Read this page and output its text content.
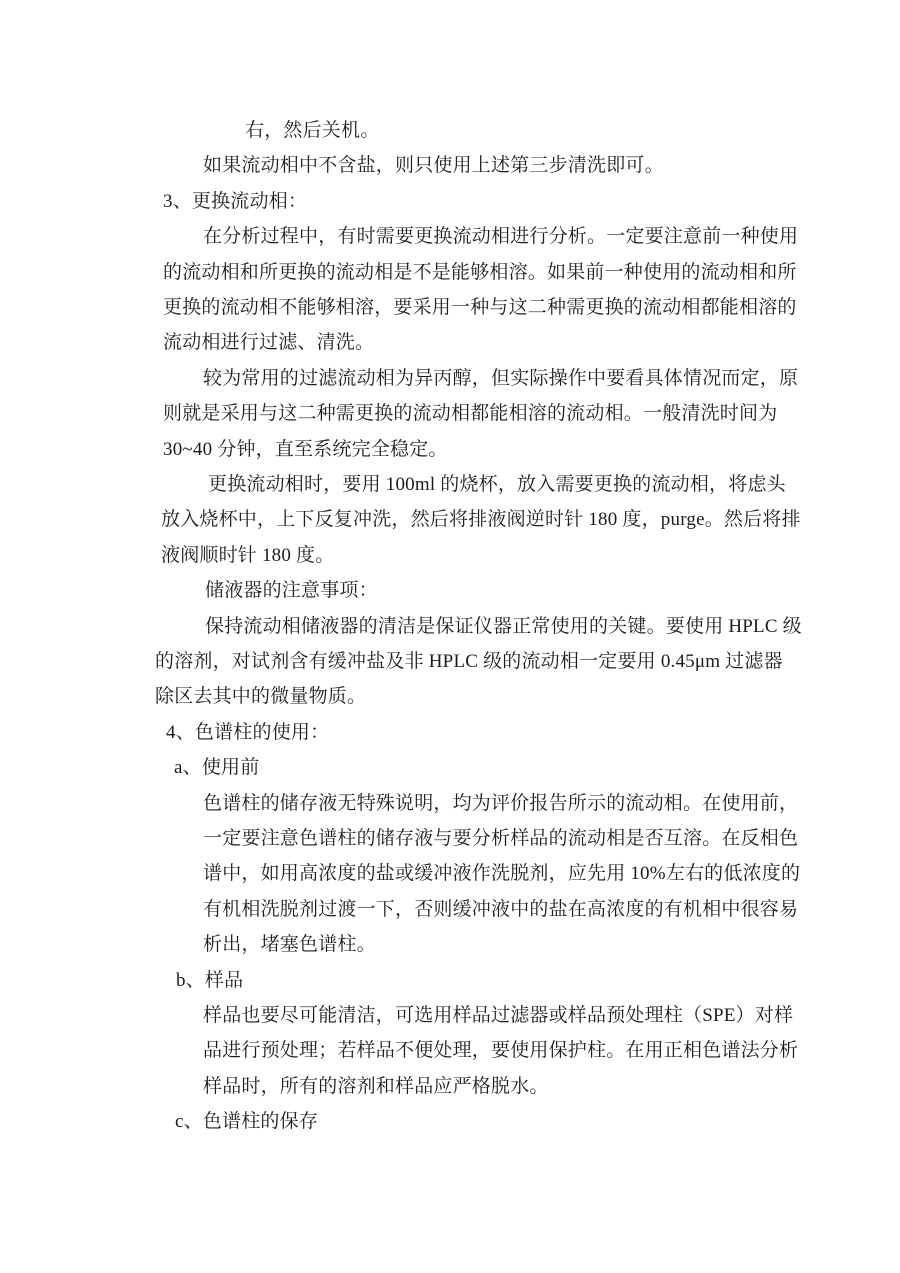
右，然后关机。
如果流动相中不含盐，则只使用上述第三步清洗即可。
3、更换流动相：
在分析过程中，有时需要更换流动相进行分析。一定要注意前一种使用
的流动相和所更换的流动相是不是能够相溶。如果前一种使用的流动相和所
更换的流动相不能够相溶，要采用一种与这二种需更换的流动相都能相溶的
流动相进行过滤、清洗。
较为常用的过滤流动相为异丙醇，但实际操作中要看具体情况而定，原
则就是采用与这二种需更换的流动相都能相溶的流动相。一般清洗时间为
30~40 分钟，直至系统完全稳定。
更换流动相时，要用 100ml 的烧杯，放入需要更换的流动相，将虑头
放入烧杯中，上下反复冲洗，然后将排液阀逆时针 180 度，purge。然后将排
液阀顺时针 180 度。
储液器的注意事项：
保持流动相储液器的清洁是保证仪器正常使用的关键。要使用 HPLC 级
的溶剂，对试剂含有缓冲盐及非 HPLC 级的流动相一定要用 0.45μm 过滤器
除区去其中的微量物质。
4、色谱柱的使用：
a、使用前
色谱柱的储存液无特殊说明，均为评价报告所示的流动相。在使用前，
一定要注意色谱柱的储存液与要分析样品的流动相是否互溶。在反相色
谱中，如用高浓度的盐或缓冲液作洗脱剂，应先用 10%左右的低浓度的
有机相洗脱剂过渡一下，否则缓冲液中的盐在高浓度的有机相中很容易
析出，堵塞色谱柱。
b、样品
样品也要尽可能清洁，可选用样品过滤器或样品预处理柱（SPE）对样
品进行预处理；若样品不便处理，要使用保护柱。在用正相色谱法分析
样品时，所有的溶剂和样品应严格脱水。
c、色谱柱的保存
